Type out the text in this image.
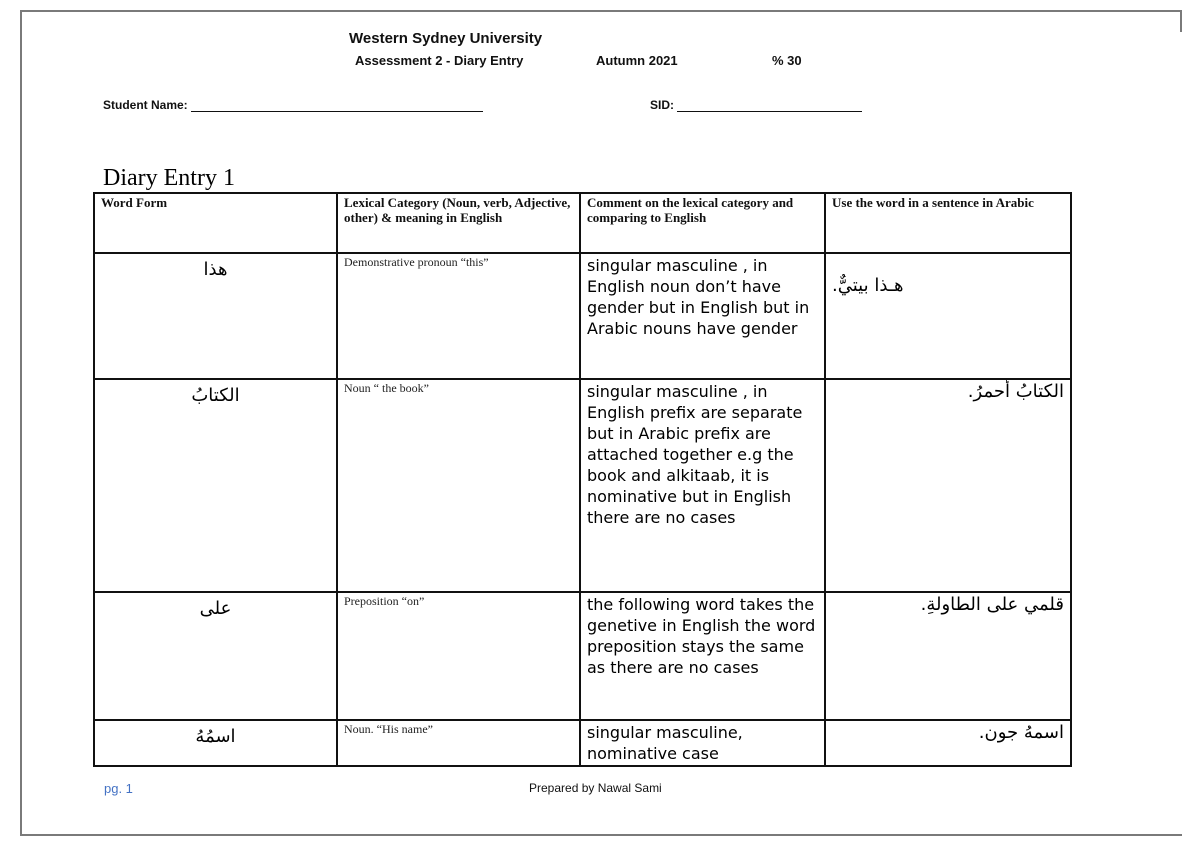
Western Sydney University
Assessment 2 - Diary Entry	Autumn 2021	% 30
Student Name:	SID:
Diary Entry 1
Word Form	Lexical Category (Noun, verb, Adjective, other) & meaning in English	Comment on the lexical category and comparing to English	Use the word in a sentence in Arabic

هذا	Demonstrative pronoun “this”	singular masculine , in English noun don’t have gender but in English but in Arabic nouns have gender	.هـذا بيتيٌّ

الكتابُ	Noun “ the book”	singular masculine , in English prefix are separate but in Arabic prefix are attached together e.g the book and alkitaab, it is nominative but in English there are no cases	الكتابُ أحمرُ.

على	Preposition “on”	the following word takes the genetive in English the word preposition stays the same as there are no cases	قلمي على الطاولةِ.

اسمُهُ	Noun. “His name”	singular masculine, nominative case	اسمهُ جون.
pg. 1	Prepared by Nawal Sami
